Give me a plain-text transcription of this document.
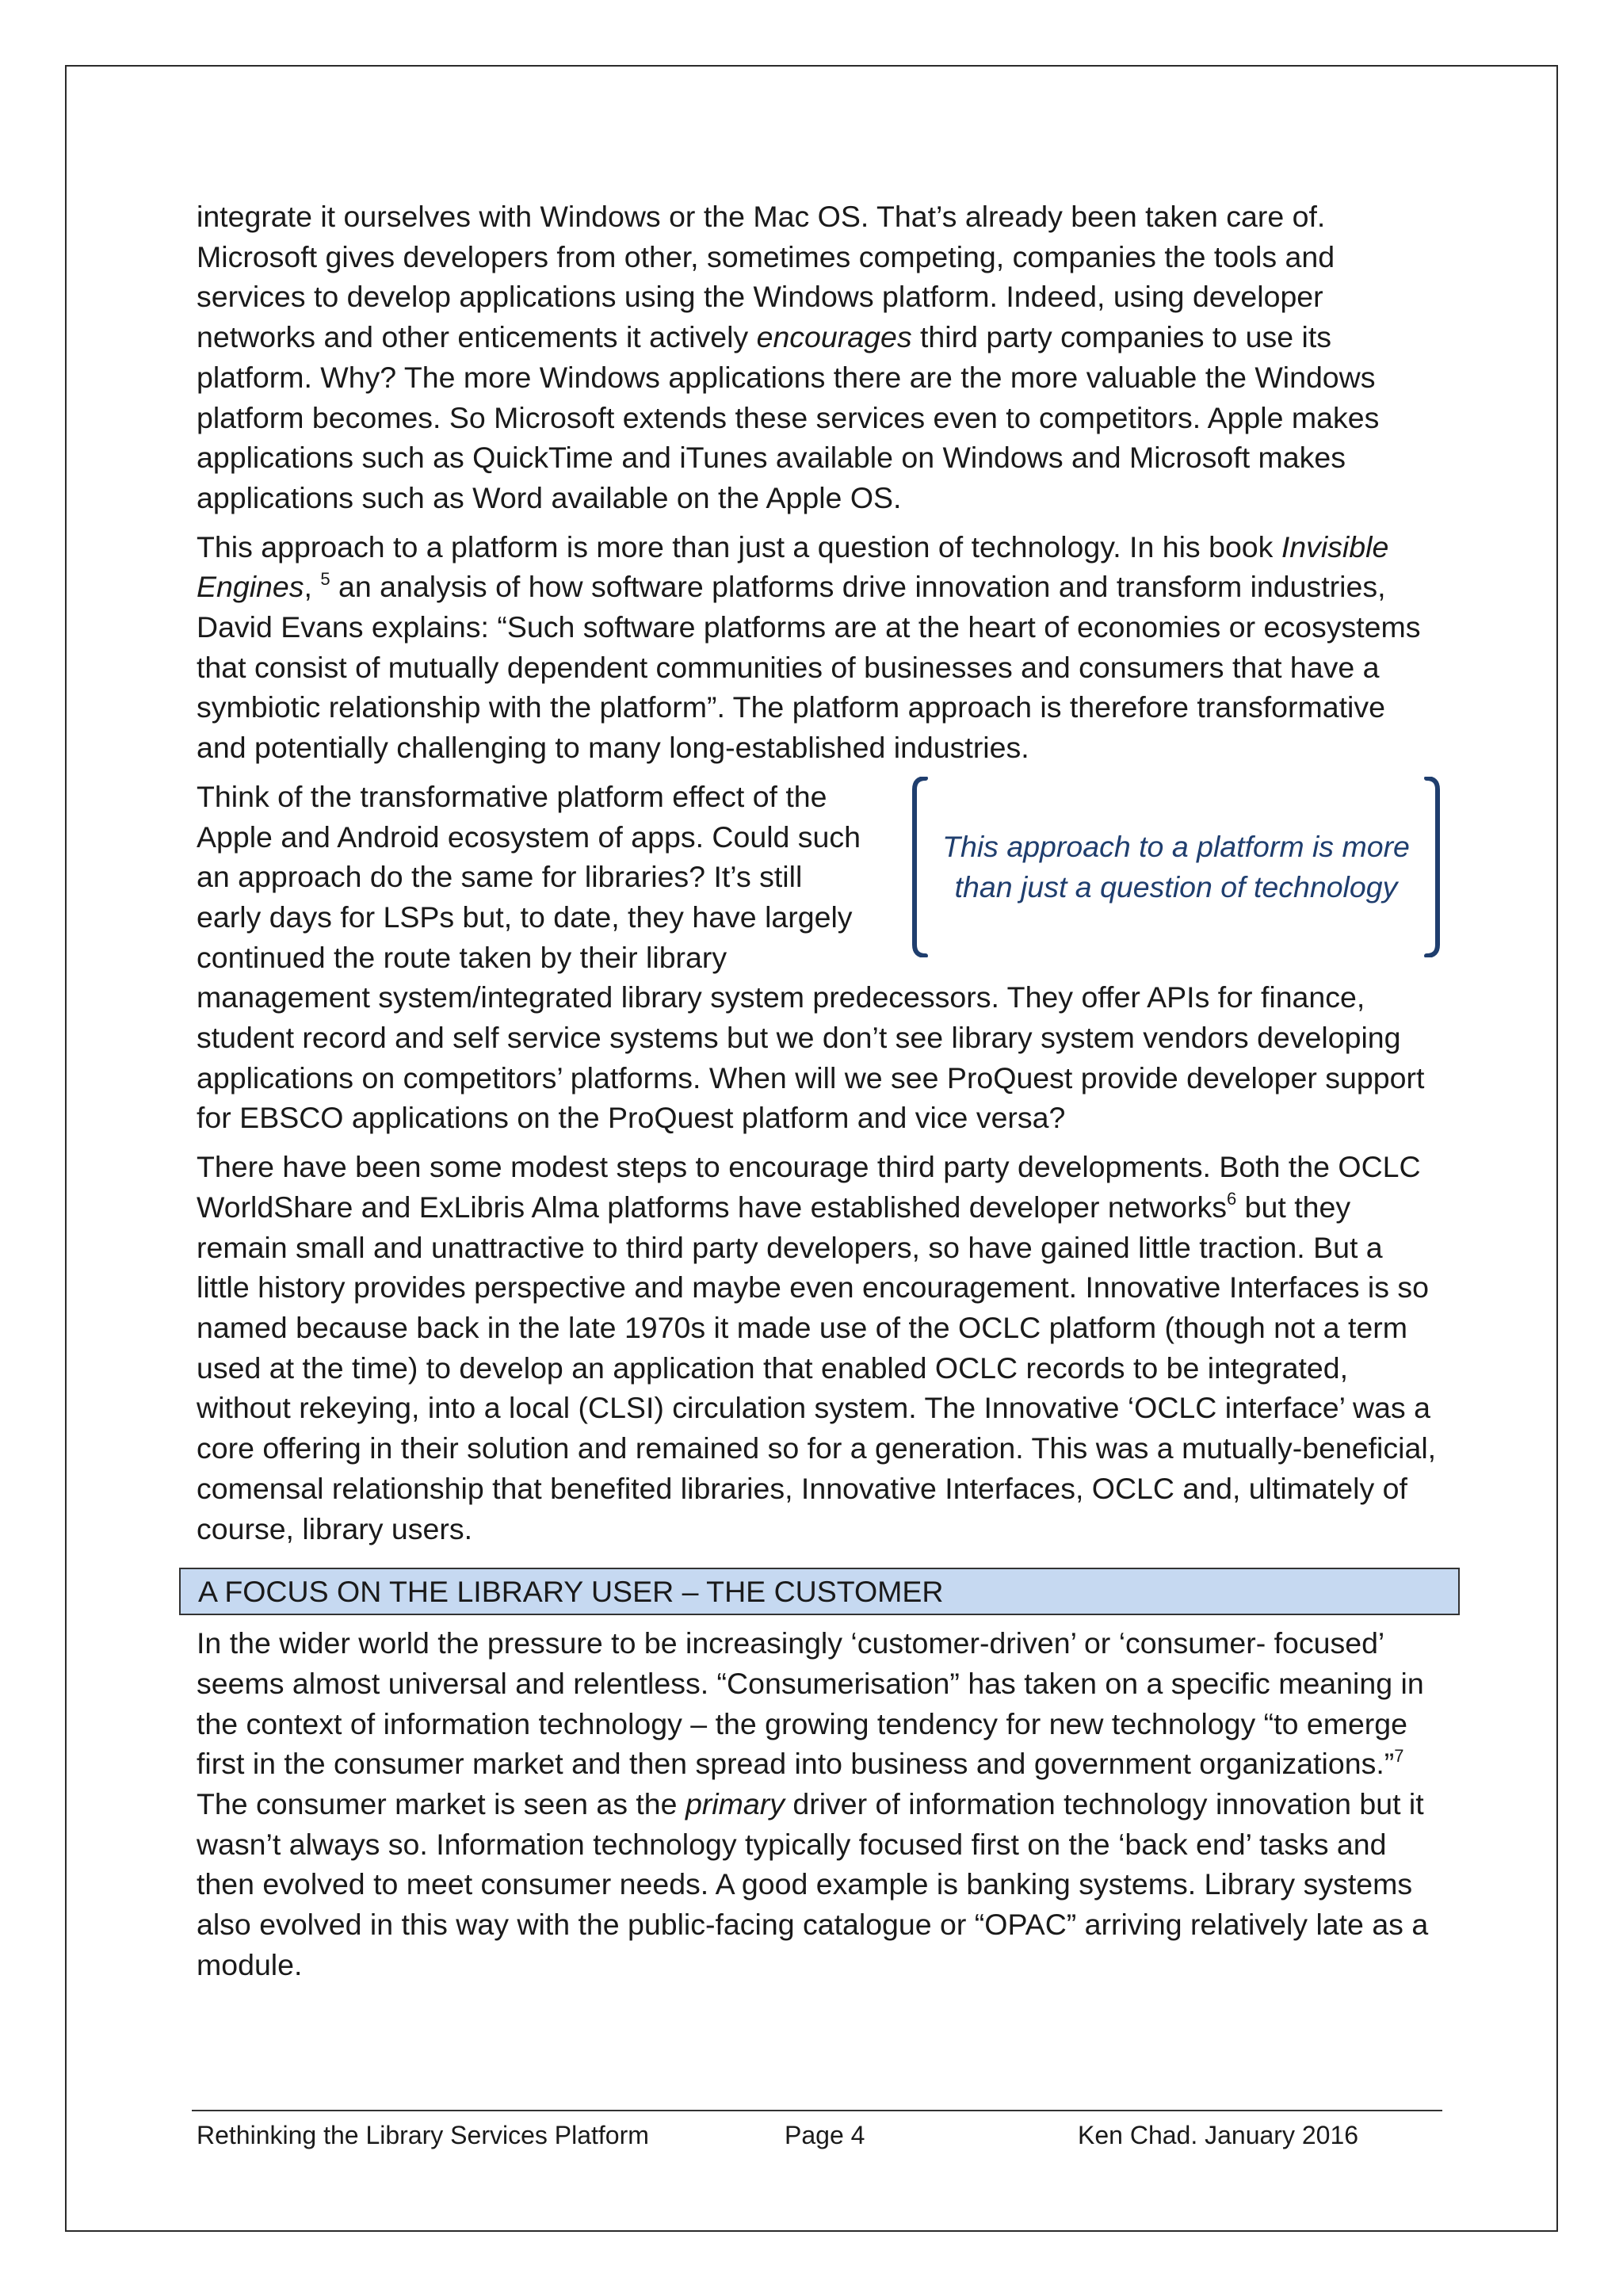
integrate it ourselves with Windows or the Mac OS. That’s already been taken care of. Microsoft gives developers from other, sometimes competing, companies the tools and services to develop applications using the Windows platform. Indeed, using developer networks and other enticements it actively encourages third party companies to use its platform. Why? The more Windows applications there are the more valuable the Windows platform becomes. So Microsoft extends these services even to competitors. Apple makes applications such as QuickTime and iTunes available on Windows and Microsoft makes applications such as Word available on the Apple OS.

This approach to a platform is more than just a question of technology. In his book Invisible Engines, $^5$ an analysis of how software platforms drive innovation and transform industries, David Evans explains: “Such software platforms are at the heart of economies or ecosystems that consist of mutually dependent communities of businesses and consumers that have a symbiotic relationship with the platform”. The platform approach is therefore transformative and potentially challenging to many long-established industries.

This approach to a platform is more than just a question of technology
Think of the transformative platform effect of the Apple and Android ecosystem of apps. Could such an approach do the same for libraries? It’s still early days for LSPs but, to date, they have largely continued the route taken by their library management system/integrated library system predecessors. They offer APIs for finance, student record and self service systems but we don’t see library system vendors developing applications on competitors’ platforms. When will we see ProQuest provide developer support for EBSCO applications on the ProQuest platform and vice versa?

There have been some modest steps to encourage third party developments. Both the OCLC WorldShare and ExLibris Alma platforms have established developer networks$^6$ but they remain small and unattractive to third party developers, so have gained little traction. But a little history provides perspective and maybe even encouragement. Innovative Interfaces is so named because back in the late 1970s it made use of the OCLC platform (though not a term used at the time) to develop an application that enabled OCLC records to be integrated, without rekeying, into a local (CLSI) circulation system. The Innovative ‘OCLC interface’ was a core offering in their solution and remained so for a generation. This was a mutually-beneficial, comensal relationship that benefited libraries, Innovative Interfaces, OCLC and, ultimately of course, library users.

A FOCUS ON THE LIBRARY USER – THE CUSTOMER

In the wider world the pressure to be increasingly ‘customer-driven’ or ‘consumer- focused’ seems almost universal and relentless. “Consumerisation” has taken on a specific meaning in the context of information technology – the growing tendency for new technology “to emerge first in the consumer market and then spread into business and government organizations.”$^7$ The consumer market is seen as the primary driver of information technology innovation but it wasn’t always so. Information technology typically focused first on the ‘back end’ tasks and then evolved to meet consumer needs. A good example is banking systems. Library systems also evolved in this way with the public-facing catalogue or “OPAC” arriving relatively late as a module.

Rethinking the Library Services Platform	Page 4	Ken Chad. January 2016
